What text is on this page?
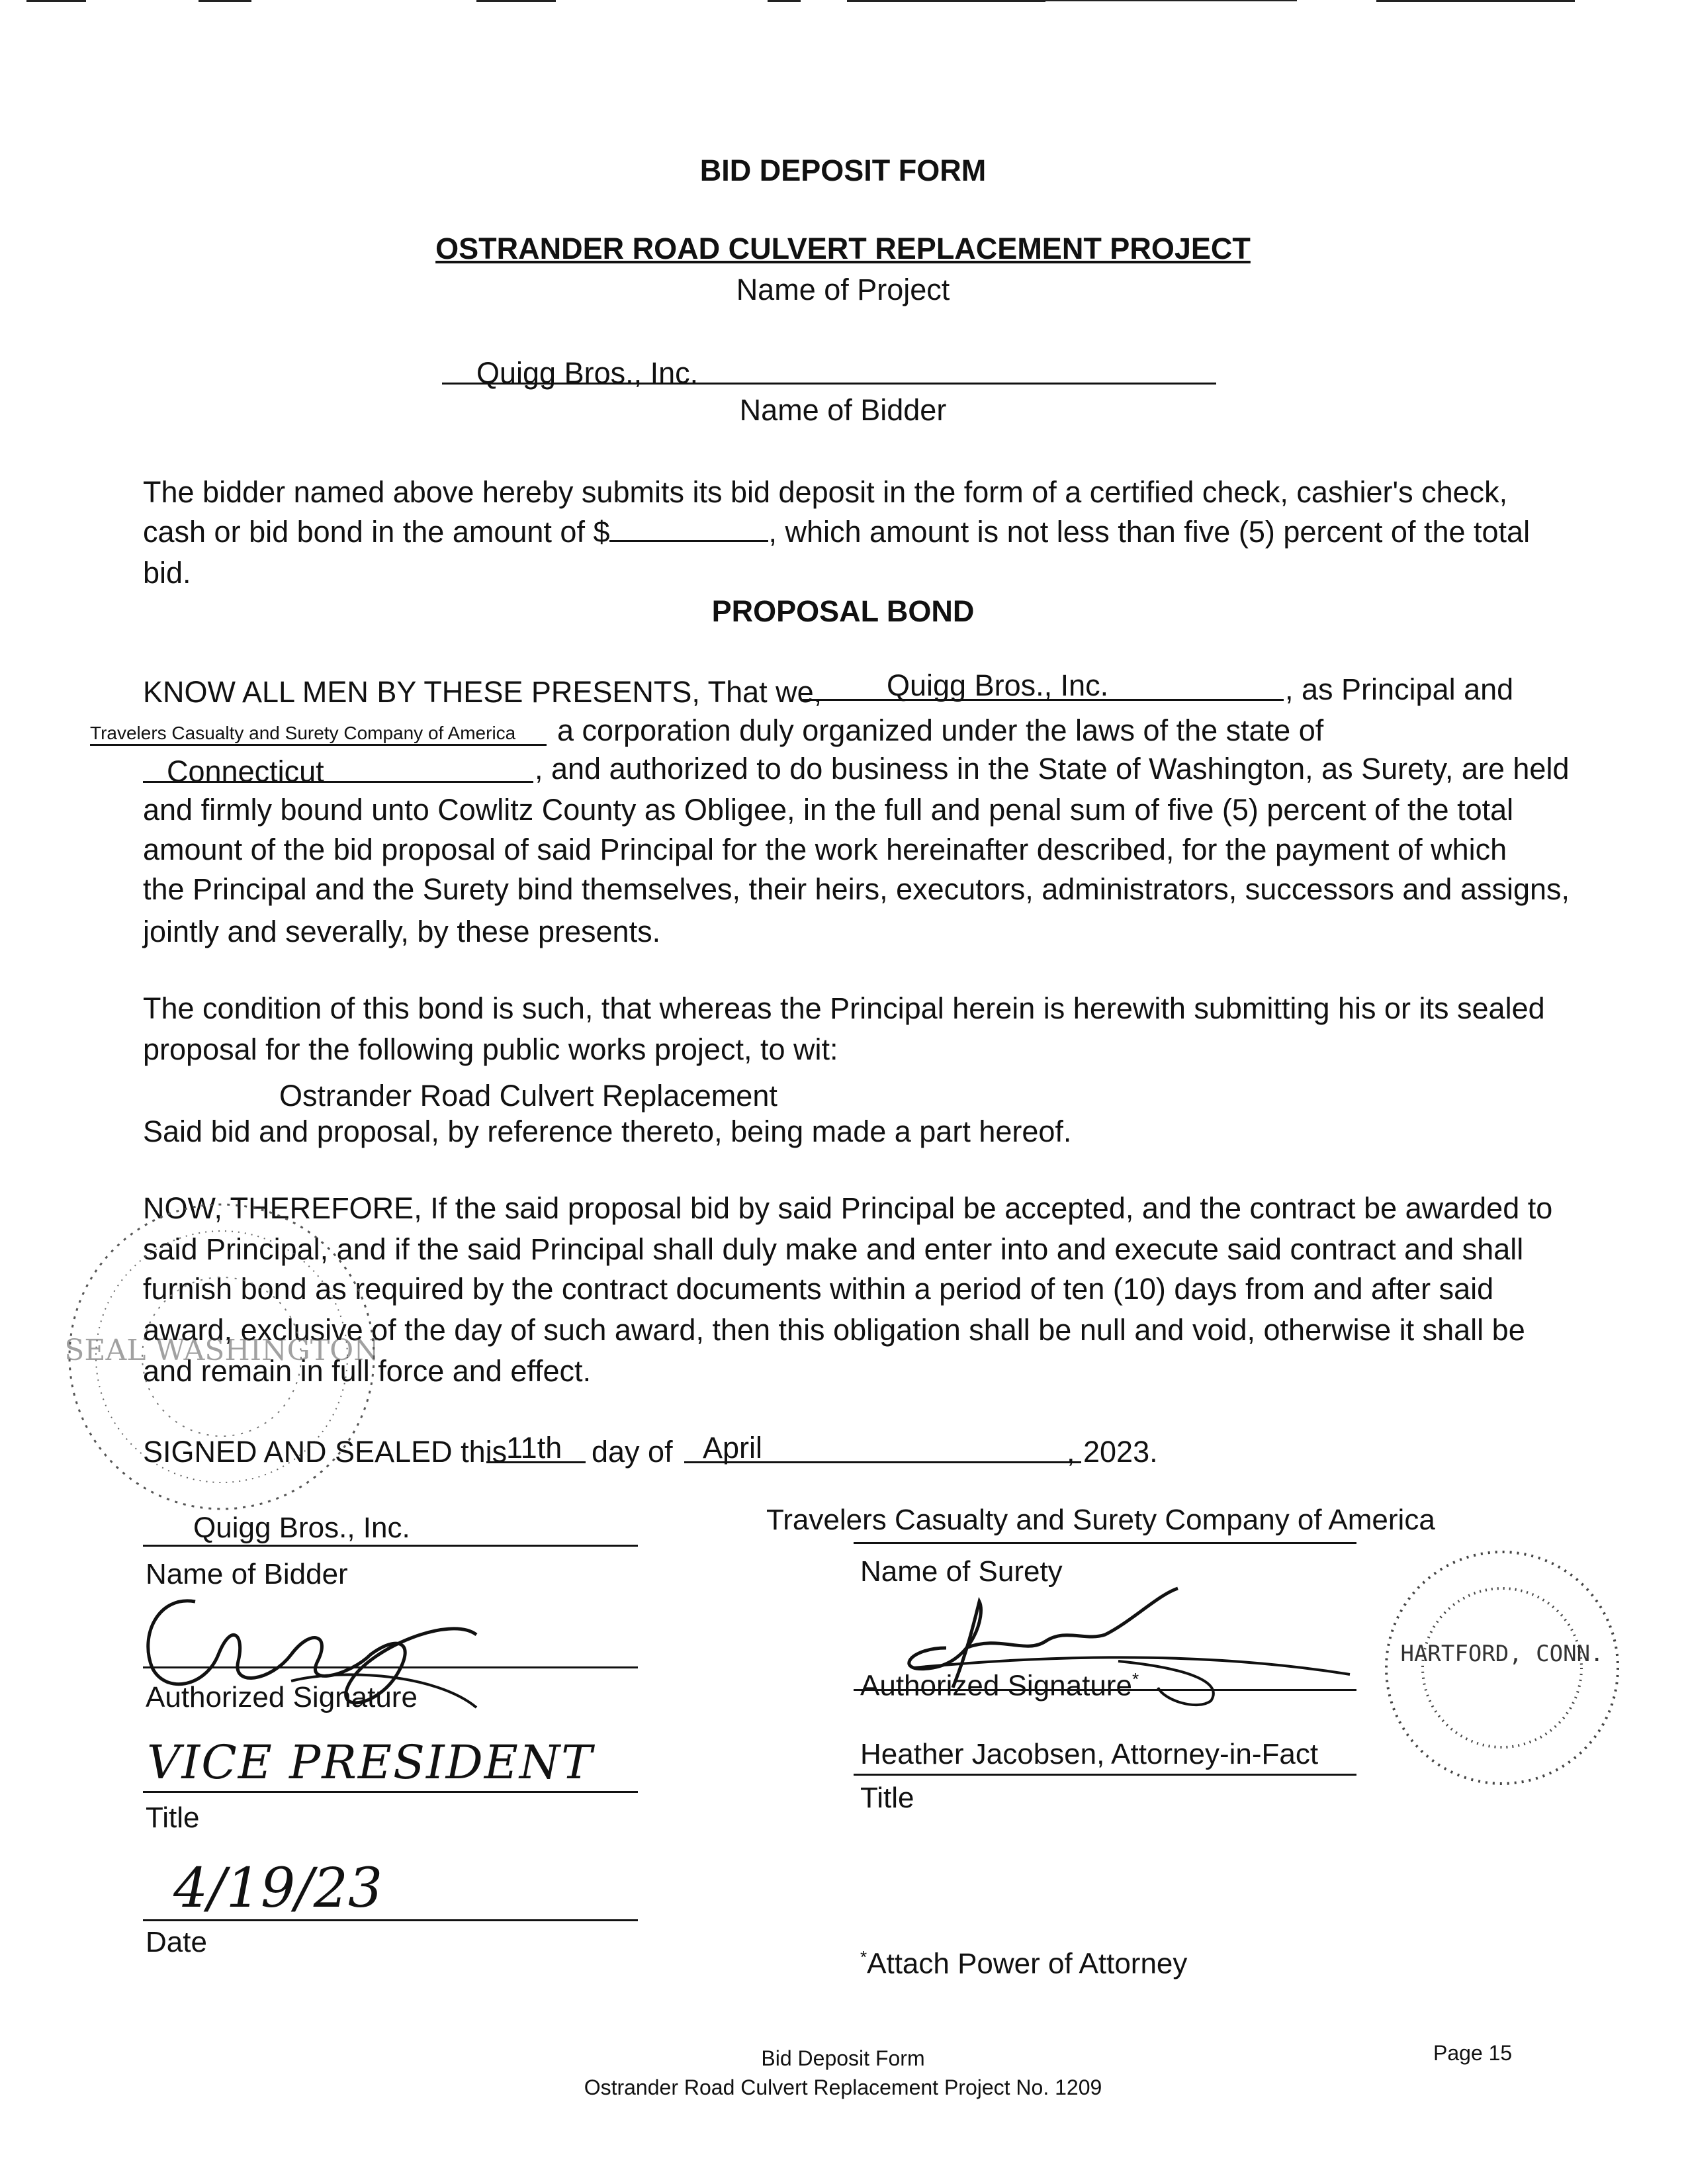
BID DEPOSIT FORM
OSTRANDER ROAD CULVERT REPLACEMENT PROJECT
Name of Project
Quigg Bros., Inc.
Name of Bidder
The bidder named above hereby submits its bid deposit in the form of a certified check, cashier's check,
cash or bid bond in the amount of $	, which amount is not less than five (5) percent of the total
bid.
PROPOSAL BOND
KNOW ALL MEN BY THESE PRESENTS, That we, Quigg Bros., Inc.	, as Principal and
Travelers Casualty and Surety Company of America a corporation duly organized under the laws of the state of
Connecticut	, and authorized to do business in the State of Washington, as Surety, are held
and firmly bound unto Cowlitz County as Obligee, in the full and penal sum of five (5) percent of the total
amount of the bid proposal of said Principal for the work hereinafter described, for the payment of which
the Principal and the Surety bind themselves, their heirs, executors, administrators, successors and assigns,
jointly and severally, by these presents.
The condition of this bond is such, that whereas the Principal herein is herewith submitting his or its sealed
proposal for the following public works project, to wit:
Ostrander Road Culvert Replacement
Said bid and proposal, by reference thereto, being made a part hereof.
NOW, THEREFORE, If the said proposal bid by said Principal be accepted, and the contract be awarded to
said Principal, and if the said Principal shall duly make and enter into and execute said contract and shall
furnish bond as required by the contract documents within a period of ten (10) days from and after said
award, exclusive of the day of such award, then this obligation shall be null and void, otherwise it shall be
and remain in full force and effect.
SEAL WASHINGTON
SIGNED AND SEALED this
11th day of April	, 2023.
Quigg Bros., Inc.
Name of Bidder
Authorized Signature
VICE PRESIDENT
Title
4/19/23
Date
Travelers Casualty and Surety Company of America
Name of Surety
Authorized Signature*
Heather Jacobsen, Attorney-in-Fact
Title
*Attach Power of Attorney
HARTFORD, CONN.
Bid Deposit Form
Ostrander Road Culvert Replacement Project No. 1209
Page 15
